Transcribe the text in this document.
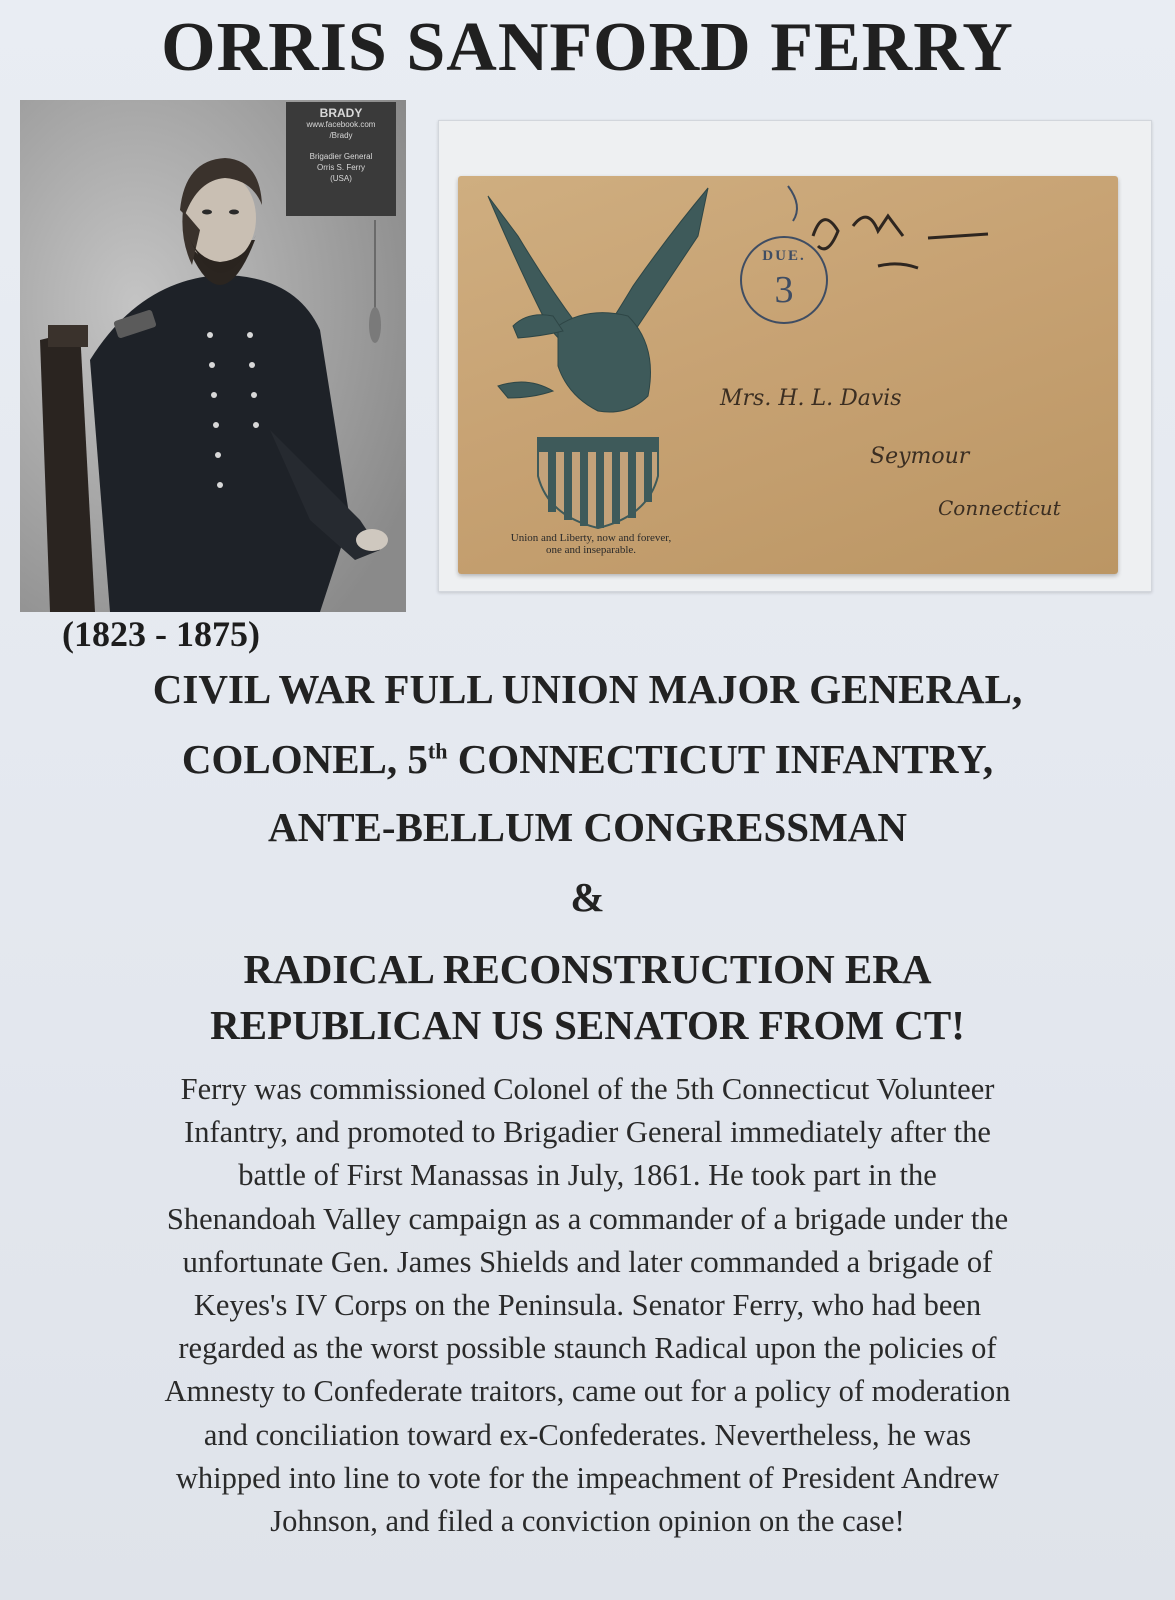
ORRIS SANFORD FERRY
BRADY
www.facebook.com
/Brady
Brigadier General
Orris S. Ferry
(USA)
DUE.
3
Mrs. H. L. Davis
Seymour
Connecticut
Union and Liberty, now and forever,
one and inseparable.
(1823 - 1875)
CIVIL WAR FULL UNION MAJOR GENERAL,
COLONEL, 5th CONNECTICUT INFANTRY,
ANTE-BELLUM CONGRESSMAN
&
RADICAL RECONSTRUCTION ERA
REPUBLICAN US SENATOR FROM CT!
Ferry was commissioned Colonel of the 5th Connecticut Volunteer
Infantry, and promoted to Brigadier General immediately after the
battle of First Manassas in July, 1861. He took part in the
Shenandoah Valley campaign as a commander of a brigade under the
unfortunate Gen. James Shields and later commanded a brigade of
Keyes's IV Corps on the Peninsula. Senator Ferry, who had been
regarded as the worst possible staunch Radical upon the policies of
Amnesty to Confederate traitors, came out for a policy of moderation
and conciliation toward ex-Confederates. Nevertheless, he was
whipped into line to vote for the impeachment of President Andrew
Johnson, and filed a conviction opinion on the case!
